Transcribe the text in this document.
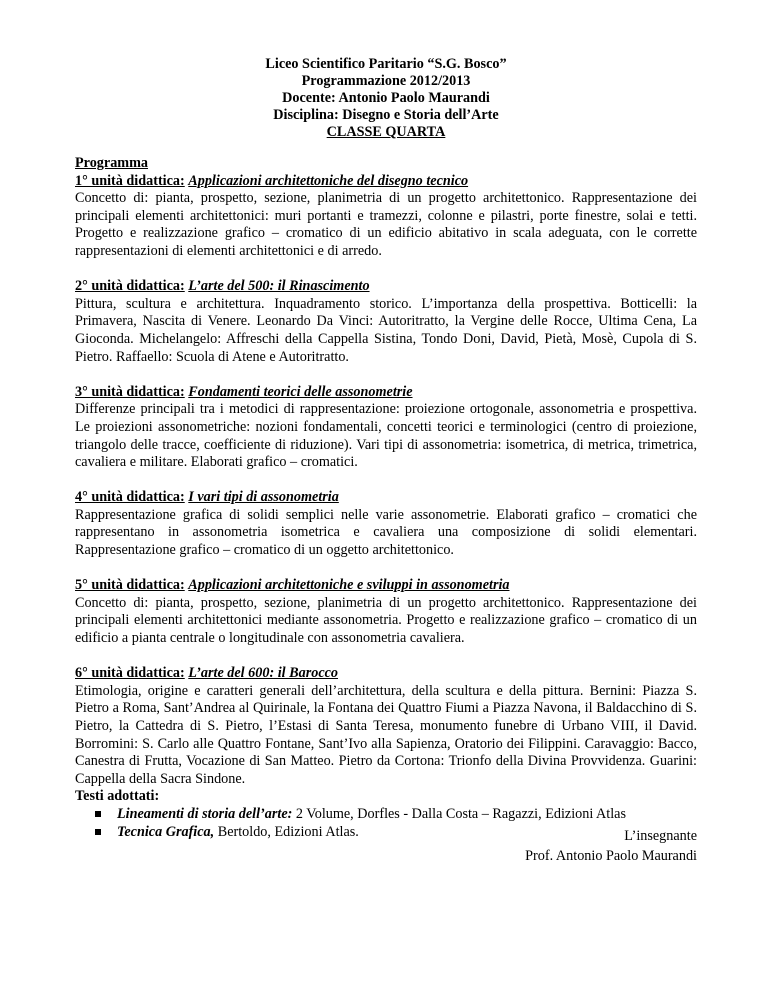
Liceo Scientifico Paritario “S.G. Bosco”
Programmazione 2012/2013
Docente: Antonio Paolo Maurandi
Disciplina: Disegno e Storia dell’Arte
CLASSE QUARTA
Programma
1° unità didattica: Applicazioni architettoniche del disegno tecnico
Concetto di: pianta, prospetto, sezione, planimetria di un progetto architettonico. Rappresentazione dei principali elementi architettonici: muri portanti e tramezzi, colonne e pilastri, porte finestre, solai e tetti. Progetto e realizzazione grafico – cromatico di un edificio abitativo in scala adeguata, con le corrette rappresentazioni di elementi architettonici e di arredo.
2° unità didattica: L’arte del 500: il Rinascimento
Pittura, scultura e architettura. Inquadramento storico. L’importanza della prospettiva. Botticelli: la Primavera, Nascita di Venere. Leonardo Da Vinci: Autoritratto, la Vergine delle Rocce, Ultima Cena, La Gioconda. Michelangelo: Affreschi della Cappella Sistina, Tondo Doni, David, Pietà, Mosè, Cupola di S. Pietro. Raffaello: Scuola di Atene e Autoritratto.
3° unità didattica: Fondamenti teorici delle assonometrie
Differenze principali tra i metodici di rappresentazione: proiezione ortogonale, assonometria e prospettiva. Le proiezioni assonometriche: nozioni fondamentali, concetti teorici e terminologici (centro di proiezione, triangolo delle tracce, coefficiente di riduzione). Vari tipi di assonometria: isometrica, di metrica, trimetrica, cavaliera e militare. Elaborati grafico – cromatici.
4° unità didattica: I vari tipi di assonometria
Rappresentazione grafica di solidi semplici nelle varie assonometrie. Elaborati grafico – cromatici che rappresentano in assonometria isometrica e cavaliera una composizione di solidi elementari. Rappresentazione grafico – cromatico di un oggetto architettonico.
5° unità didattica: Applicazioni architettoniche e sviluppi in assonometria
Concetto di: pianta, prospetto, sezione, planimetria di un progetto architettonico. Rappresentazione dei principali elementi architettonici mediante assonometria. Progetto e realizzazione grafico – cromatico di un edificio a pianta centrale o longitudinale con assonometria cavaliera.
6° unità didattica: L’arte del 600: il Barocco
Etimologia, origine e caratteri generali dell’architettura, della scultura e della pittura. Bernini: Piazza S. Pietro a Roma, Sant’Andrea al Quirinale, la Fontana dei Quattro Fiumi a Piazza Navona, il Baldacchino di S. Pietro, la Cattedra di S. Pietro, l’Estasi di Santa Teresa, monumento funebre di Urbano VIII, il David. Borromini: S. Carlo alle Quattro Fontane, Sant’Ivo alla Sapienza, Oratorio dei Filippini. Caravaggio: Bacco, Canestra di Frutta, Vocazione di San Matteo. Pietro da Cortona: Trionfo della Divina Provvidenza. Guarini: Cappella della Sacra Sindone.
Testi adottati:
Lineamenti di storia dell’arte: 2 Volume, Dorfles - Dalla Costa – Ragazzi, Edizioni Atlas
Tecnica Grafica, Bertoldo, Edizioni Atlas.	L’insegnante
Prof. Antonio Paolo Maurandi
